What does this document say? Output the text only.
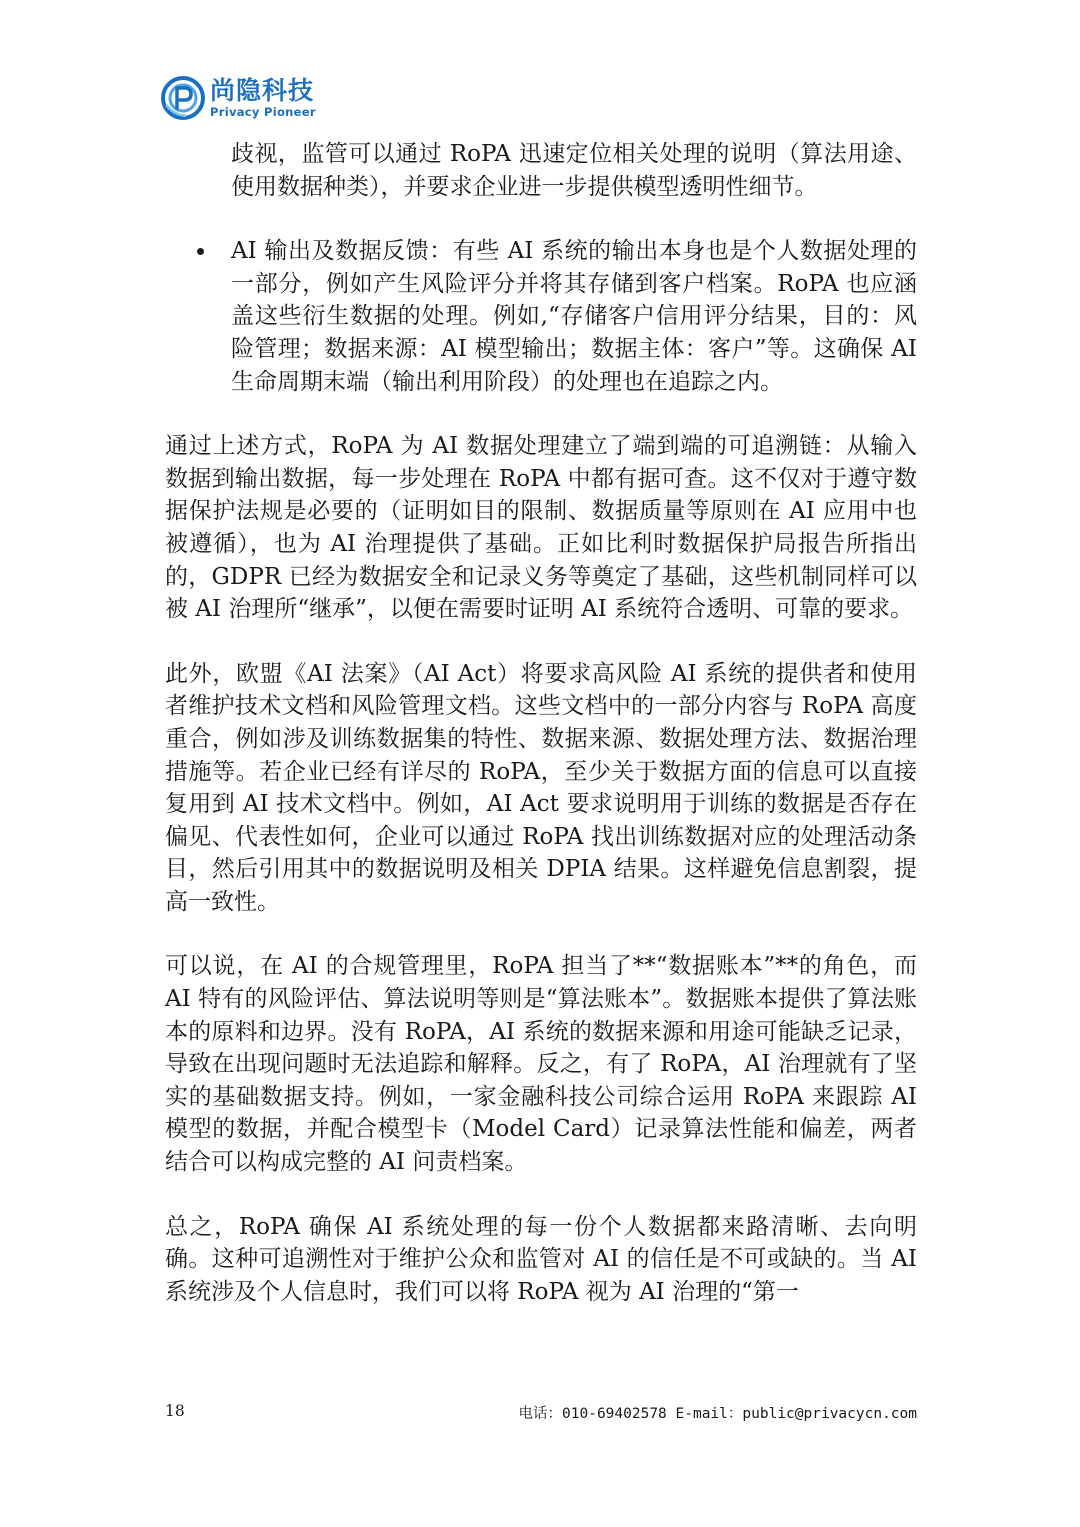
尚隐科技
Privacy Pioneer

歧视，监管可以通过 RoPA 迅速定位相关处理的说明（算法用途、使用数据种类），并要求企业进一步提供模型透明性细节。

AI 输出及数据反馈：有些 AI 系统的输出本身也是个人数据处理的一部分，例如产生风险评分并将其存储到客户档案。RoPA 也应涵盖这些衍生数据的处理。例如,“存储客户信用评分结果，目的：风险管理；数据来源：AI 模型输出；数据主体：客户”等。这确保 AI 生命周期末端（输出利用阶段）的处理也在追踪之内。

通过上述方式，RoPA 为 AI 数据处理建立了端到端的可追溯链：从输入数据到输出数据，每一步处理在 RoPA 中都有据可查。这不仅对于遵守数据保护法规是必要的（证明如目的限制、数据质量等原则在 AI 应用中也被遵循），也为 AI 治理提供了基础。正如比利时数据保护局报告所指出的，GDPR 已经为数据安全和记录义务等奠定了基础，这些机制同样可以被 AI 治理所“继承”，以便在需要时证明 AI 系统符合透明、可靠的要求。

此外，欧盟《AI 法案》（AI Act）将要求高风险 AI 系统的提供者和使用者维护技术文档和风险管理文档。这些文档中的一部分内容与 RoPA 高度重合，例如涉及训练数据集的特性、数据来源、数据处理方法、数据治理措施等。若企业已经有详尽的 RoPA，至少关于数据方面的信息可以直接复用到 AI 技术文档中。例如，AI Act 要求说明用于训练的数据是否存在偏见、代表性如何，企业可以通过 RoPA 找出训练数据对应的处理活动条目，然后引用其中的数据说明及相关 DPIA 结果。这样避免信息割裂，提高一致性。

可以说，在 AI 的合规管理里，RoPA 担当了**“数据账本”**的角色，而 AI 特有的风险评估、算法说明等则是“算法账本”。数据账本提供了算法账本的原料和边界。没有 RoPA，AI 系统的数据来源和用途可能缺乏记录，导致在出现问题时无法追踪和解释。反之，有了 RoPA，AI 治理就有了坚实的基础数据支持。例如，一家金融科技公司综合运用 RoPA 来跟踪 AI 模型的数据，并配合模型卡（Model Card）记录算法性能和偏差，两者结合可以构成完整的 AI 问责档案。

总之，RoPA 确保 AI 系统处理的每一份个人数据都来路清晰、去向明确。这种可追溯性对于维护公众和监管对 AI 的信任是不可或缺的。当 AI 系统涉及个人信息时，我们可以将 RoPA 视为 AI 治理的“第一

18	电话：010-69402578 E-mail：public@privacycn.com
